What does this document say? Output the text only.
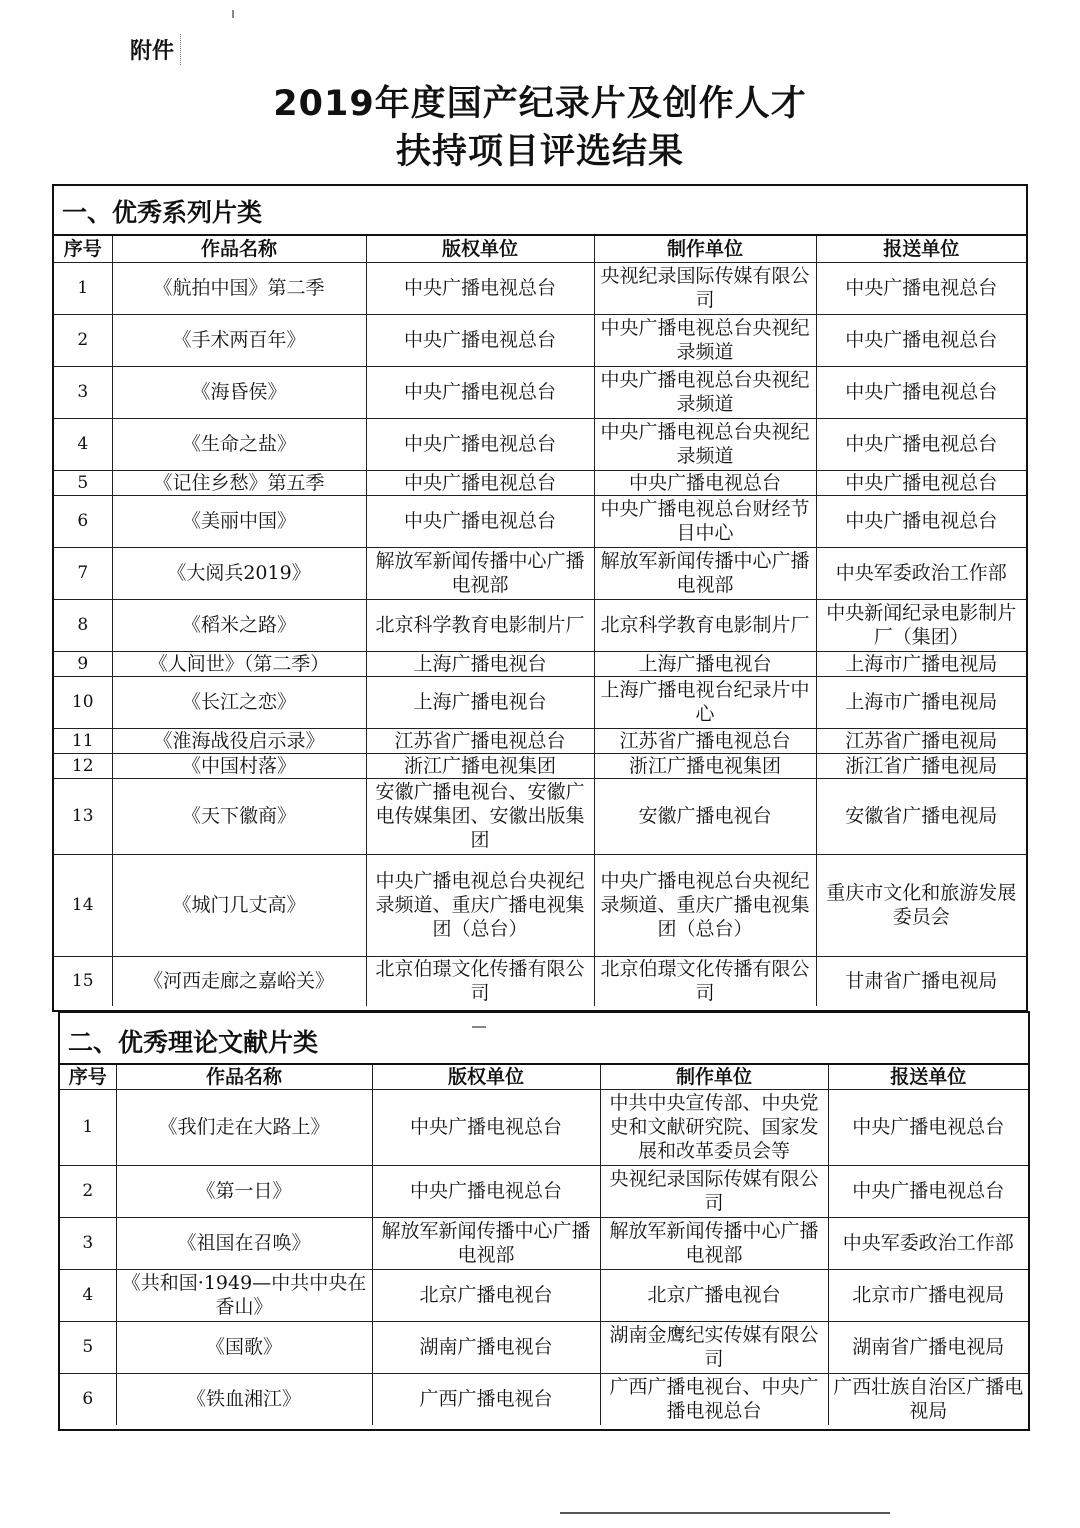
附件
2019年度国产纪录片及创作人才
扶持项目评选结果
一、优秀系列片类
序号	作品名称	版权单位	制作单位	报送单位
1	《航拍中国》第二季	中央广播电视总台	央视纪录国际传媒有限公司	中央广播电视总台
2	《手术两百年》	中央广播电视总台	中央广播电视总台央视纪录频道	中央广播电视总台
3	《海昏侯》	中央广播电视总台	中央广播电视总台央视纪录频道	中央广播电视总台
4	《生命之盐》	中央广播电视总台	中央广播电视总台央视纪录频道	中央广播电视总台
5	《记住乡愁》第五季	中央广播电视总台	中央广播电视总台	中央广播电视总台
6	《美丽中国》	中央广播电视总台	中央广播电视总台财经节目中心	中央广播电视总台
7	《大阅兵2019》	解放军新闻传播中心广播电视部	解放军新闻传播中心广播电视部	中央军委政治工作部
8	《稻米之路》	北京科学教育电影制片厂	北京科学教育电影制片厂	中央新闻纪录电影制片厂（集团）
9	《人间世》（第二季）	上海广播电视台	上海广播电视台	上海市广播电视局
10	《长江之恋》	上海广播电视台	上海广播电视台纪录片中心	上海市广播电视局
11	《淮海战役启示录》	江苏省广播电视总台	江苏省广播电视总台	江苏省广播电视局
12	《中国村落》	浙江广播电视集团	浙江广播电视集团	浙江省广播电视局
13	《天下徽商》	安徽广播电视台、安徽广电传媒集团、安徽出版集团	安徽广播电视台	安徽省广播电视局
14	《城门几丈高》	中央广播电视总台央视纪录频道、重庆广播电视集团（总台）	中央广播电视总台央视纪录频道、重庆广播电视集团（总台）	重庆市文化和旅游发展委员会
15	《河西走廊之嘉峪关》	北京伯璟文化传播有限公司	北京伯璟文化传播有限公司	甘肃省广播电视局
二、优秀理论文献片类
序号	作品名称	版权单位	制作单位	报送单位
1	《我们走在大路上》	中央广播电视总台	中共中央宣传部、中央党史和文献研究院、国家发展和改革委员会等	中央广播电视总台
2	《第一日》	中央广播电视总台	央视纪录国际传媒有限公司	中央广播电视总台
3	《祖国在召唤》	解放军新闻传播中心广播电视部	解放军新闻传播中心广播电视部	中央军委政治工作部
4	《共和国·1949—中共中央在香山》	北京广播电视台	北京广播电视台	北京市广播电视局
5	《国歌》	湖南广播电视台	湖南金鹰纪实传媒有限公司	湖南省广播电视局
6	《铁血湘江》	广西广播电视台	广西广播电视台、中央广播电视总台	广西壮族自治区广播电视局
